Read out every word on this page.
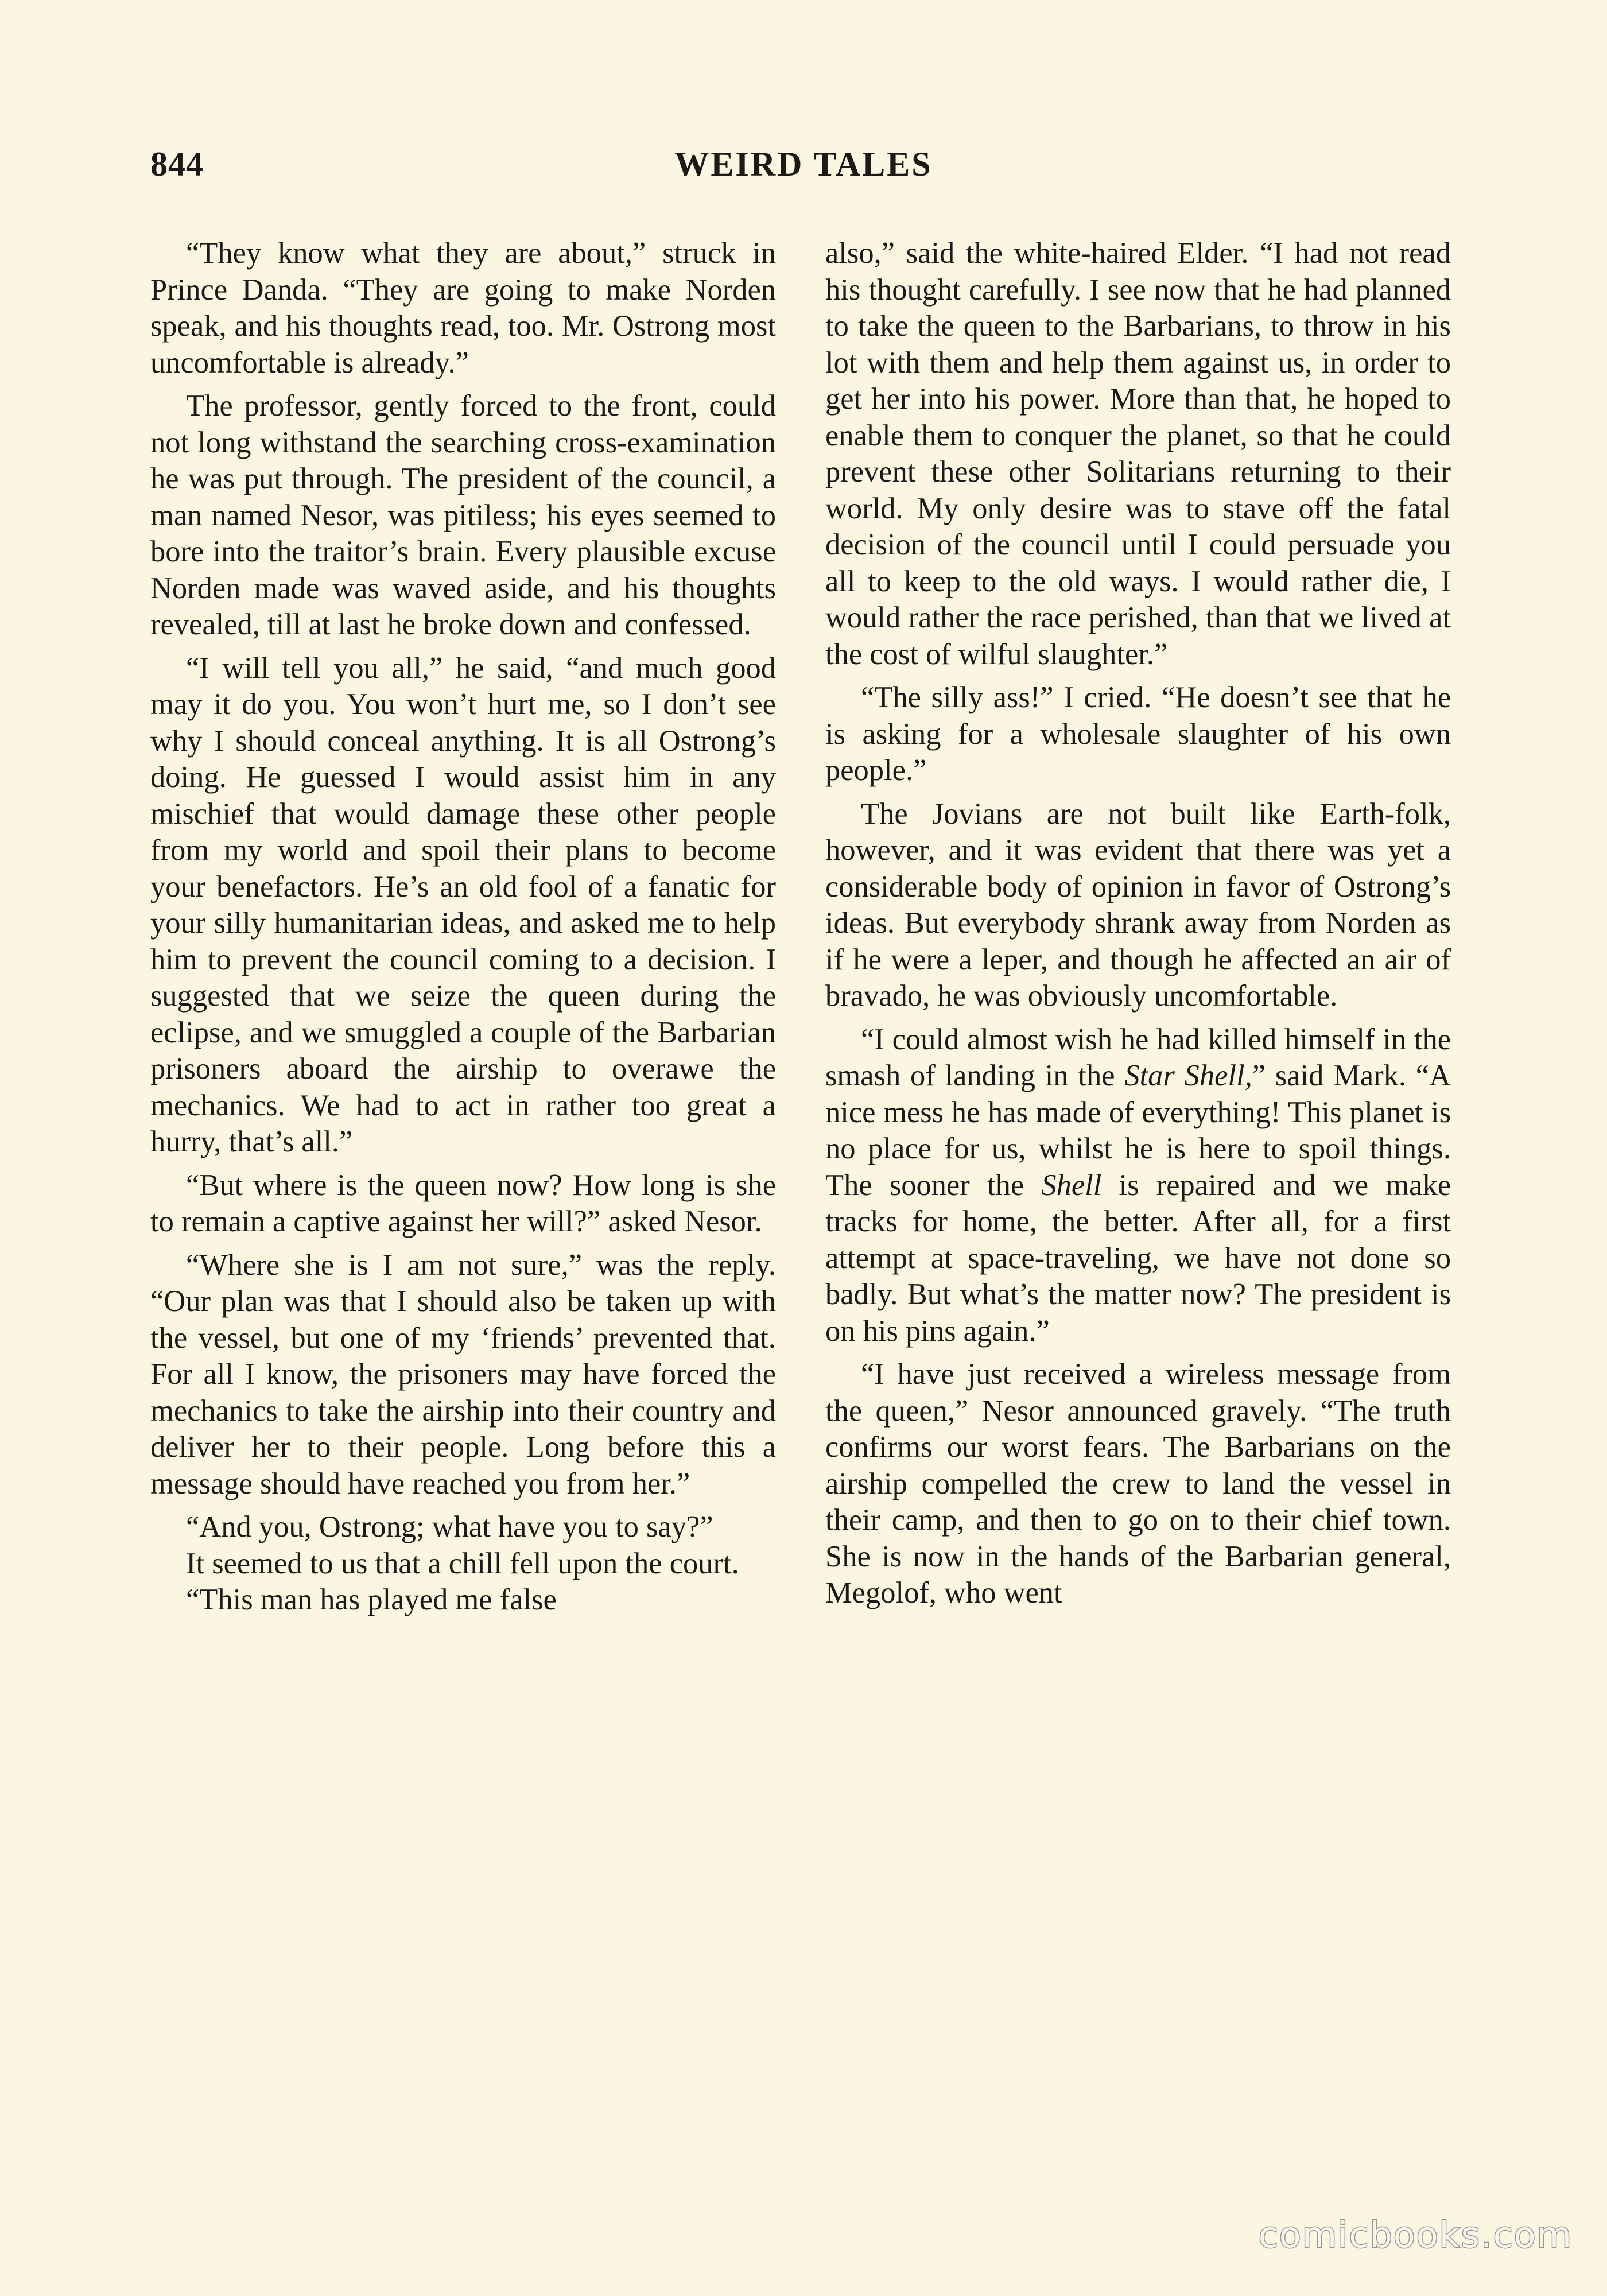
844	WEIRD TALES

“They know what they are about,” struck in Prince Danda. “They are going to make Norden speak, and his thoughts read, too. Mr. Ostrong most uncomfortable is already.”

The professor, gently forced to the front, could not long withstand the searching cross-examination he was put through. The president of the council, a man named Nesor, was pitiless; his eyes seemed to bore into the traitor’s brain. Every plausible excuse Norden made was waved aside, and his thoughts revealed, till at last he broke down and confessed.

“I will tell you all,” he said, “and much good may it do you. You won’t hurt me, so I don’t see why I should conceal anything. It is all Ostrong’s doing. He guessed I would assist him in any mischief that would damage these other people from my world and spoil their plans to become your benefactors. He’s an old fool of a fanatic for your silly humanitarian ideas, and asked me to help him to prevent the council coming to a decision. I suggested that we seize the queen during the eclipse, and we smuggled a couple of the Barbarian prisoners aboard the airship to overawe the mechanics. We had to act in rather too great a hurry, that’s all.”

“But where is the queen now? How long is she to remain a captive against her will?” asked Nesor.

“Where she is I am not sure,” was the reply. “Our plan was that I should also be taken up with the vessel, but one of my ‘friends’ prevented that. For all I know, the prisoners may have forced the mechanics to take the airship into their country and deliver her to their people. Long before this a message should have reached you from her.”

“And you, Ostrong; what have you to say?”

It seemed to us that a chill fell upon the court.

“This man has played me false

also,” said the white-haired Elder. “I had not read his thought carefully. I see now that he had planned to take the queen to the Barbarians, to throw in his lot with them and help them against us, in order to get her into his power. More than that, he hoped to enable them to conquer the planet, so that he could prevent these other Solitarians returning to their world. My only desire was to stave off the fatal decision of the council until I could persuade you all to keep to the old ways. I would rather die, I would rather the race perished, than that we lived at the cost of wilful slaughter.”

“The silly ass!” I cried. “He doesn’t see that he is asking for a wholesale slaughter of his own people.”

The Jovians are not built like Earth-folk, however, and it was evident that there was yet a considerable body of opinion in favor of Ostrong’s ideas. But everybody shrank away from Norden as if he were a leper, and though he affected an air of bravado, he was obviously uncomfortable.

“I could almost wish he had killed himself in the smash of landing in the Star Shell,” said Mark. “A nice mess he has made of everything! This planet is no place for us, whilst he is here to spoil things. The sooner the Shell is repaired and we make tracks for home, the better. After all, for a first attempt at space-traveling, we have not done so badly. But what’s the matter now? The president is on his pins again.”

“I have just received a wireless message from the queen,” Nesor announced gravely. “The truth confirms our worst fears. The Barbarians on the airship compelled the crew to land the vessel in their camp, and then to go on to their chief town. She is now in the hands of the Barbarian general, Megolof, who went

comicbooks.com
